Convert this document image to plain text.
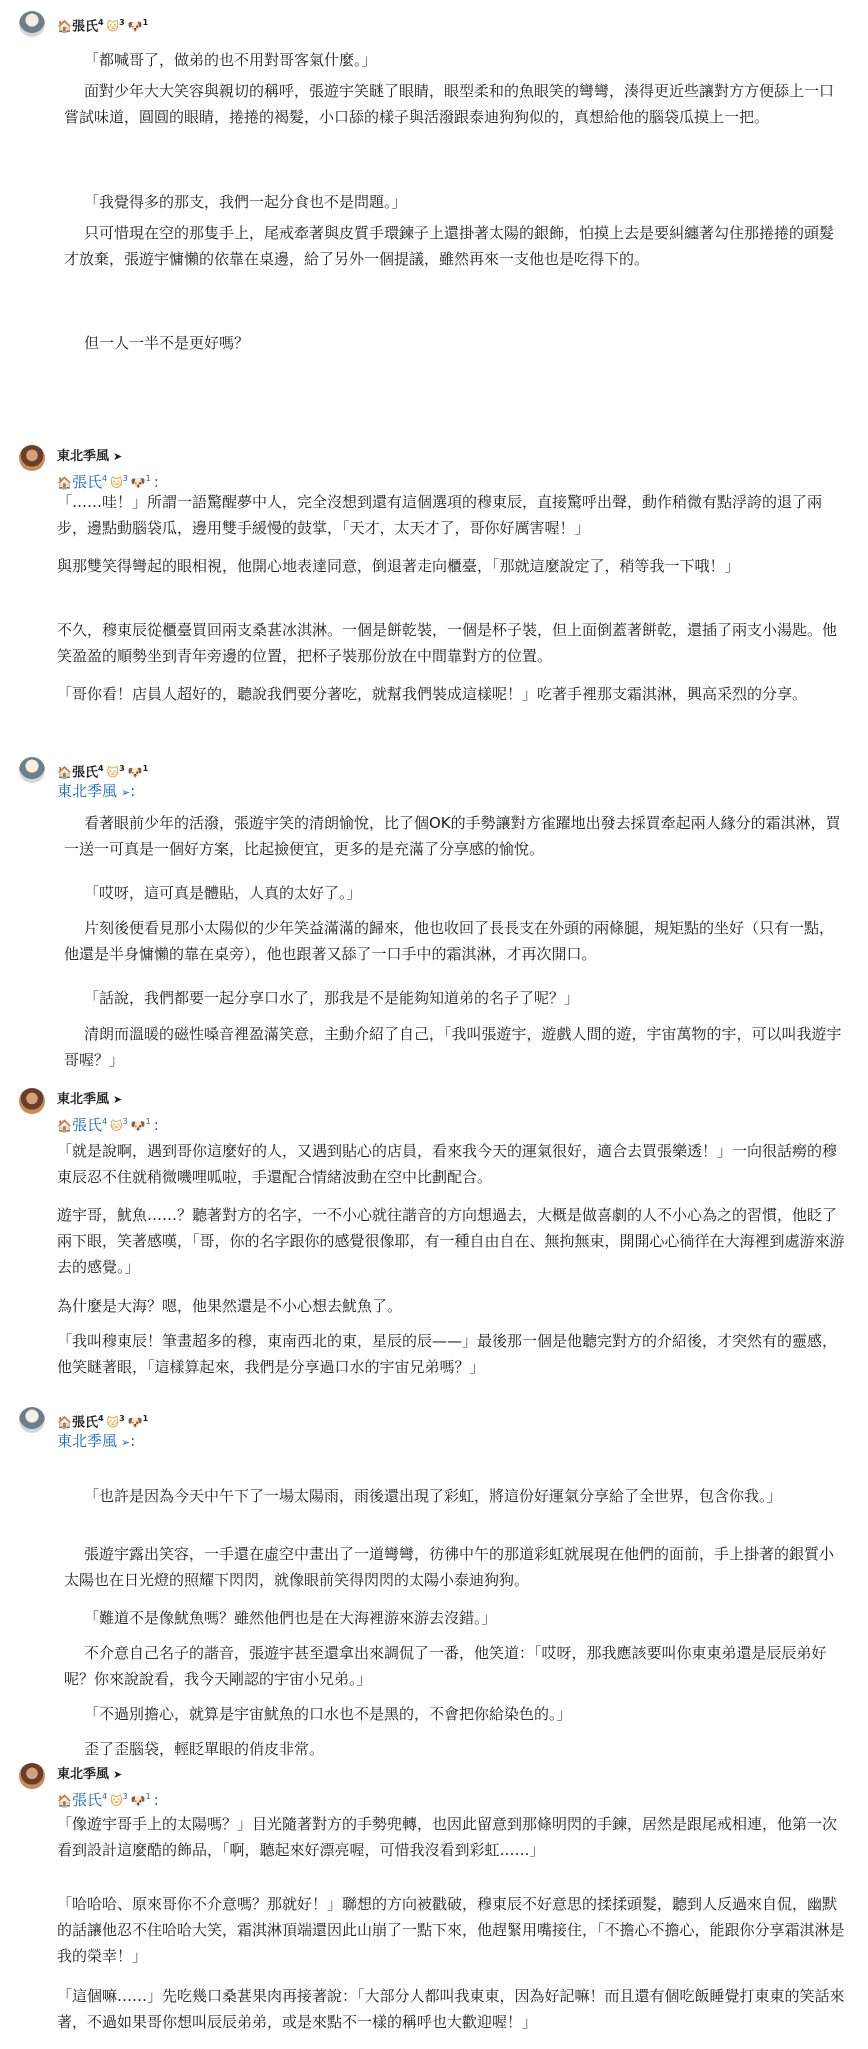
🏠張氏$^4$ 🐱$^3$ 🐶$^1$
「都喊哥了，做弟的也不用對哥客氣什麼。」
面對少年大大笑容與親切的稱呼，張遊宇笑瞇了眼睛，眼型柔和的魚眼笑的彎彎，湊得更近些讓對方方便舔上一口嘗試味道，圓圓的眼睛，捲捲的褐髮，小口舔的樣子與活潑跟泰迪狗狗似的，真想給他的腦袋瓜摸上一把。
「我覺得多的那支，我們一起分食也不是問題。」
只可惜現在空的那隻手上，尾戒牽著與皮質手環鍊子上還掛著太陽的銀飾，怕摸上去是要糾纏著勾住那捲捲的頭髮才放棄，張遊宇慵懶的依靠在桌邊，給了另外一個提議，雖然再來一支他也是吃得下的。
但一人一半不是更好嗎？
東北季風 ➤
🏠張氏$^4$ 🐱$^3$ 🐶$^1$ :
「……哇！」所謂一語驚醒夢中人，完全沒想到還有這個選項的穆東辰，直接驚呼出聲，動作稍微有點浮誇的退了兩步，邊點動腦袋瓜，邊用雙手緩慢的鼓掌，「天才，太天才了，哥你好厲害喔！」
與那雙笑得彎起的眼相視，他開心地表達同意，倒退著走向櫃臺，「那就這麼說定了，稍等我一下哦！」
不久，穆東辰從櫃臺買回兩支桑葚冰淇淋。一個是餅乾裝，一個是杯子裝，但上面倒蓋著餅乾，還插了兩支小湯匙。他笑盈盈的順勢坐到青年旁邊的位置，把杯子裝那份放在中間靠對方的位置。
「哥你看！店員人超好的，聽說我們要分著吃，就幫我們裝成這樣呢！」吃著手裡那支霜淇淋，興高采烈的分享。
🏠張氏$^4$ 🐱$^3$ 🐶$^1$
東北季風 ➢:
看著眼前少年的活潑，張遊宇笑的清朗愉悅，比了個OK的手勢讓對方雀躍地出發去採買牽起兩人緣分的霜淇淋，買一送一可真是一個好方案，比起撿便宜，更多的是充滿了分享感的愉悅。
「哎呀，這可真是體貼，人真的太好了。」
片刻後便看見那小太陽似的少年笑益滿滿的歸來，他也收回了長長支在外頭的兩條腿，規矩點的坐好（只有一點，他還是半身慵懶的靠在桌旁），他也跟著又舔了一口手中的霜淇淋，才再次開口。
「話說，我們都要一起分享口水了，那我是不是能夠知道弟的名子了呢？」
清朗而溫暖的磁性嗓音裡盈滿笑意，主動介紹了自己，「我叫張遊宇，遊戲人間的遊，宇宙萬物的宇，可以叫我遊宇哥喔？」
東北季風 ➤
🏠張氏$^4$ 🐱$^3$ 🐶$^1$ :
「就是說啊，遇到哥你這麼好的人，又遇到貼心的店員，看來我今天的運氣很好，適合去買張樂透！」一向很話癆的穆東辰忍不住就稍微嘰哩呱啦，手還配合情緒波動在空中比劃配合。
遊宇哥，魷魚……？聽著對方的名字，一不小心就往諧音的方向想過去，大概是做喜劇的人不小心為之的習慣，他眨了兩下眼，笑著感嘆，「哥，你的名字跟你的感覺很像耶，有一種自由自在、無拘無束，開開心心徜徉在大海裡到處游來游去的感覺。」
為什麼是大海？嗯，他果然還是不小心想去魷魚了。
「我叫穆東辰！筆畫超多的穆，東南西北的東，星辰的辰——」最後那一個是他聽完對方的介紹後，才突然有的靈感，他笑瞇著眼，「這樣算起來，我們是分享過口水的宇宙兄弟嗎？」
🏠張氏$^4$ 🐱$^3$ 🐶$^1$
東北季風 ➢:
「也許是因為今天中午下了一場太陽雨，雨後還出現了彩虹，將這份好運氣分享給了全世界，包含你我。」
張遊宇露出笑容，一手還在虛空中畫出了一道彎彎，彷彿中午的那道彩虹就展現在他們的面前，手上掛著的銀質小太陽也在日光燈的照耀下閃閃，就像眼前笑得閃閃的太陽小泰迪狗狗。
「難道不是像魷魚嗎？雖然他們也是在大海裡游來游去沒錯。」
不介意自己名子的諧音，張遊宇甚至還拿出來調侃了一番，他笑道：「哎呀，那我應該要叫你東東弟還是辰辰弟好呢？你來說說看，我今天剛認的宇宙小兄弟。」
「不過別擔心，就算是宇宙魷魚的口水也不是黑的，不會把你給染色的。」
歪了歪腦袋，輕眨單眼的俏皮非常。
東北季風 ➤
🏠張氏$^4$ 🐱$^3$ 🐶$^1$ :
「像遊宇哥手上的太陽嗎？」目光隨著對方的手勢兜轉，也因此留意到那條明閃的手鍊，居然是跟尾戒相連，他第一次看到設計這麼酷的飾品，「啊，聽起來好漂亮喔，可惜我沒看到彩虹……」
「哈哈哈、原來哥你不介意嗎？那就好！」聯想的方向被戳破，穆東辰不好意思的揉揉頭髮，聽到人反過來自侃，幽默的話讓他忍不住哈哈大笑，霜淇淋頂端還因此山崩了一點下來，他趕緊用嘴接住，「不擔心不擔心，能跟你分享霜淇淋是我的榮幸！」
「這個嘛……」先吃幾口桑葚果肉再接著說：「大部分人都叫我東東，因為好記嘛！而且還有個吃飯睡覺打東東的笑話來著，不過如果哥你想叫辰辰弟弟，或是來點不一樣的稱呼也大歡迎喔！」
